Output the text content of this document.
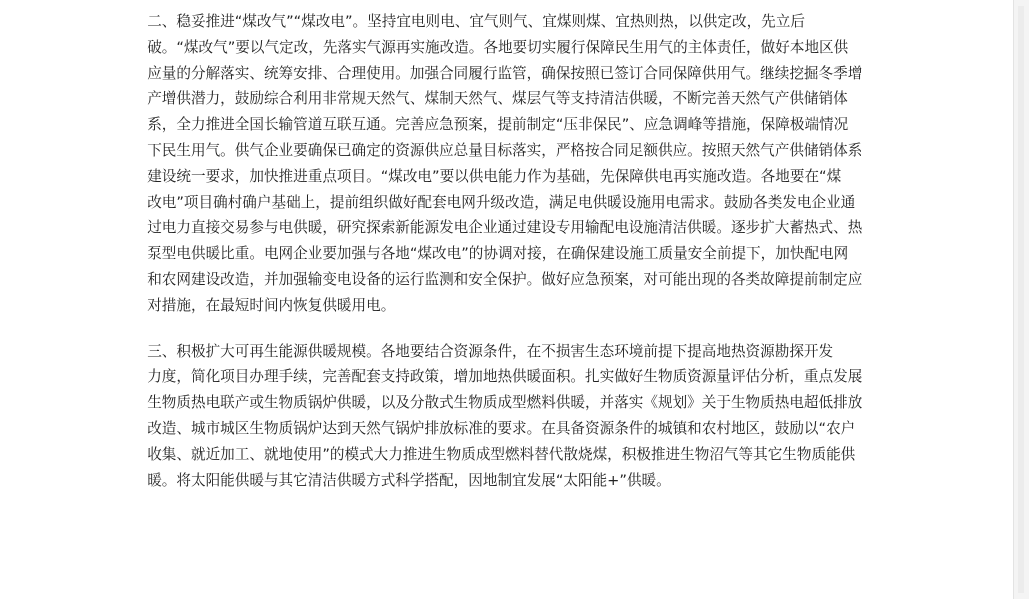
二、稳妥推进“煤改气”“煤改电”。坚持宜电则电、宜气则气、宜煤则煤、宜热则热，以供定改，先立后
破。“煤改气”要以气定改，先落实气源再实施改造。各地要切实履行保障民生用气的主体责任，做好本地区供
应量的分解落实、统筹安排、合理使用。加强合同履行监管，确保按照已签订合同保障供用气。继续挖掘冬季增
产增供潜力，鼓励综合利用非常规天然气、煤制天然气、煤层气等支持清洁供暖，不断完善天然气产供储销体
系，全力推进全国长输管道互联互通。完善应急预案，提前制定“压非保民”、应急调峰等措施，保障极端情况
下民生用气。供气企业要确保已确定的资源供应总量目标落实，严格按合同足额供应。按照天然气产供储销体系
建设统一要求，加快推进重点项目。“煤改电”要以供电能力作为基础，先保障供电再实施改造。各地要在“煤
改电”项目确村确户基础上，提前组织做好配套电网升级改造，满足电供暖设施用电需求。鼓励各类发电企业通
过电力直接交易参与电供暖，研究探索新能源发电企业通过建设专用输配电设施清洁供暖。逐步扩大蓄热式、热
泵型电供暖比重。电网企业要加强与各地“煤改电”的协调对接，在确保建设施工质量安全前提下，加快配电网
和农网建设改造，并加强输变电设备的运行监测和安全保护。做好应急预案，对可能出现的各类故障提前制定应
对措施，在最短时间内恢复供暖用电。

三、积极扩大可再生能源供暖规模。各地要结合资源条件，在不损害生态环境前提下提高地热资源勘探开发
力度，简化项目办理手续，完善配套支持政策，增加地热供暖面积。扎实做好生物质资源量评估分析，重点发展
生物质热电联产或生物质锅炉供暖，以及分散式生物质成型燃料供暖，并落实《规划》关于生物质热电超低排放
改造、城市城区生物质锅炉达到天然气锅炉排放标准的要求。在具备资源条件的城镇和农村地区，鼓励以“农户
收集、就近加工、就地使用”的模式大力推进生物质成型燃料替代散烧煤，积极推进生物沼气等其它生物质能供
暖。将太阳能供暖与其它清洁供暖方式科学搭配，因地制宜发展“太阳能+”供暖。
